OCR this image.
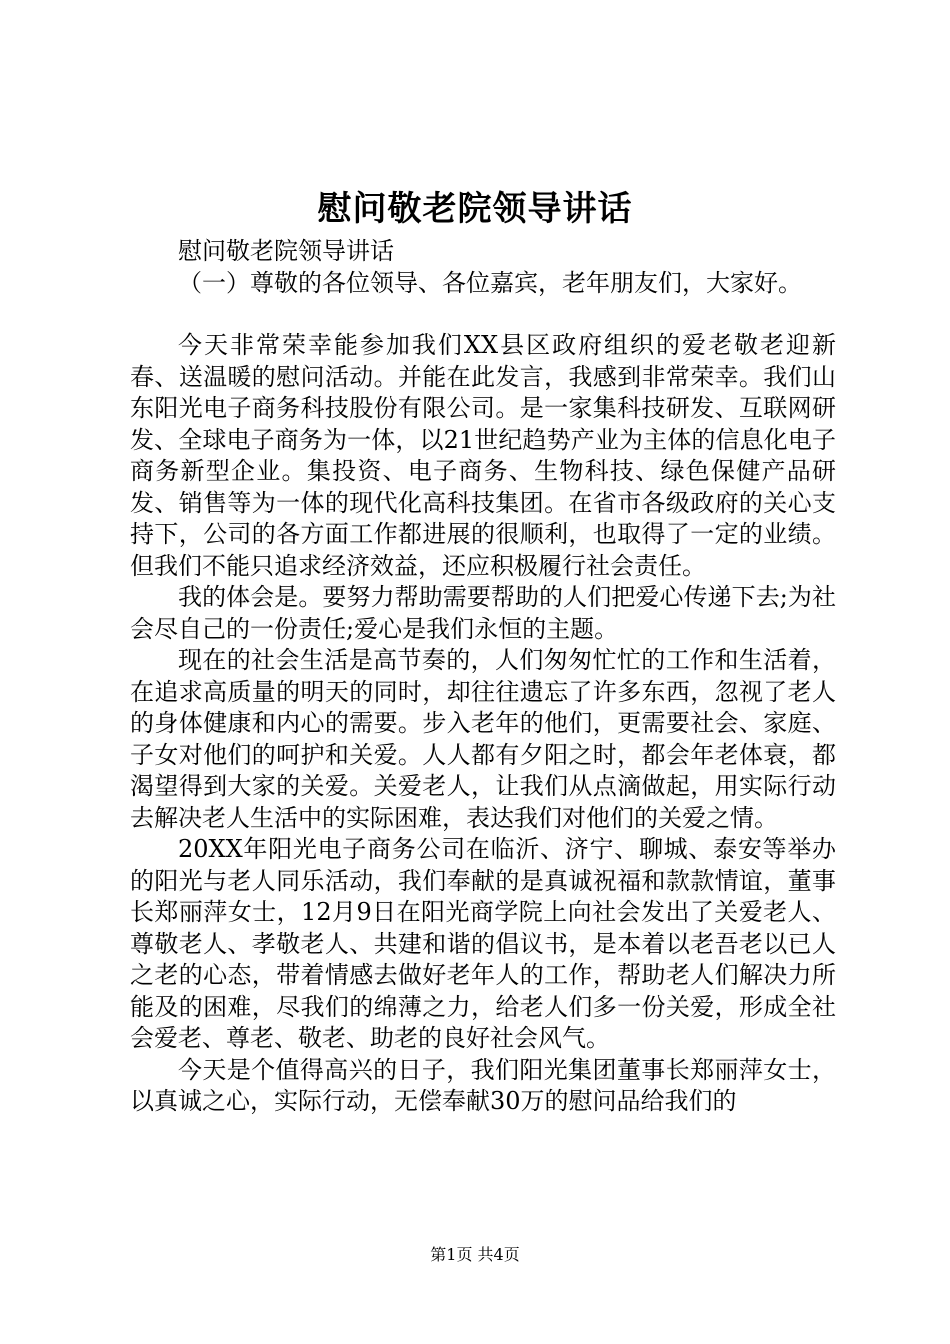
慰问敬老院领导讲话

慰问敬老院领导讲话

（一）尊敬的各位领导、各位嘉宾，老年朋友们，大家好。

今天非常荣幸能参加我们XX县区政府组织的爱老敬老迎新春、送温暖的慰问活动。并能在此发言，我感到非常荣幸。我们山东阳光电子商务科技股份有限公司。是一家集科技研发、互联网研发、全球电子商务为一体，以21世纪趋势产业为主体的信息化电子商务新型企业。集投资、电子商务、生物科技、绿色保健产品研发、销售等为一体的现代化高科技集团。在省市各级政府的关心支持下，公司的各方面工作都进展的很顺利，也取得了一定的业绩。但我们不能只追求经济效益，还应积极履行社会责任。

我的体会是。要努力帮助需要帮助的人们把爱心传递下去;为社会尽自己的一份责任;爱心是我们永恒的主题。

现在的社会生活是高节奏的，人们匆匆忙忙的工作和生活着，在追求高质量的明天的同时，却往往遗忘了许多东西，忽视了老人的身体健康和内心的需要。步入老年的他们，更需要社会、家庭、子女对他们的呵护和关爱。人人都有夕阳之时，都会年老体衰，都渴望得到大家的关爱。关爱老人，让我们从点滴做起，用实际行动去解决老人生活中的实际困难，表达我们对他们的关爱之情。

20XX年阳光电子商务公司在临沂、济宁、聊城、泰安等举办的阳光与老人同乐活动，我们奉献的是真诚祝福和款款情谊，董事长郑丽萍女士，12月9日在阳光商学院上向社会发出了关爱老人、尊敬老人、孝敬老人、共建和谐的倡议书，是本着以老吾老以已人之老的心态，带着情感去做好老年人的工作，帮助老人们解决力所能及的困难，尽我们的绵薄之力，给老人们多一份关爱，形成全社会爱老、尊老、敬老、助老的良好社会风气。

今天是个值得高兴的日子，我们阳光集团董事长郑丽萍女士，以真诚之心，实际行动，无偿奉献30万的慰问品给我们的

第1页 共4页
